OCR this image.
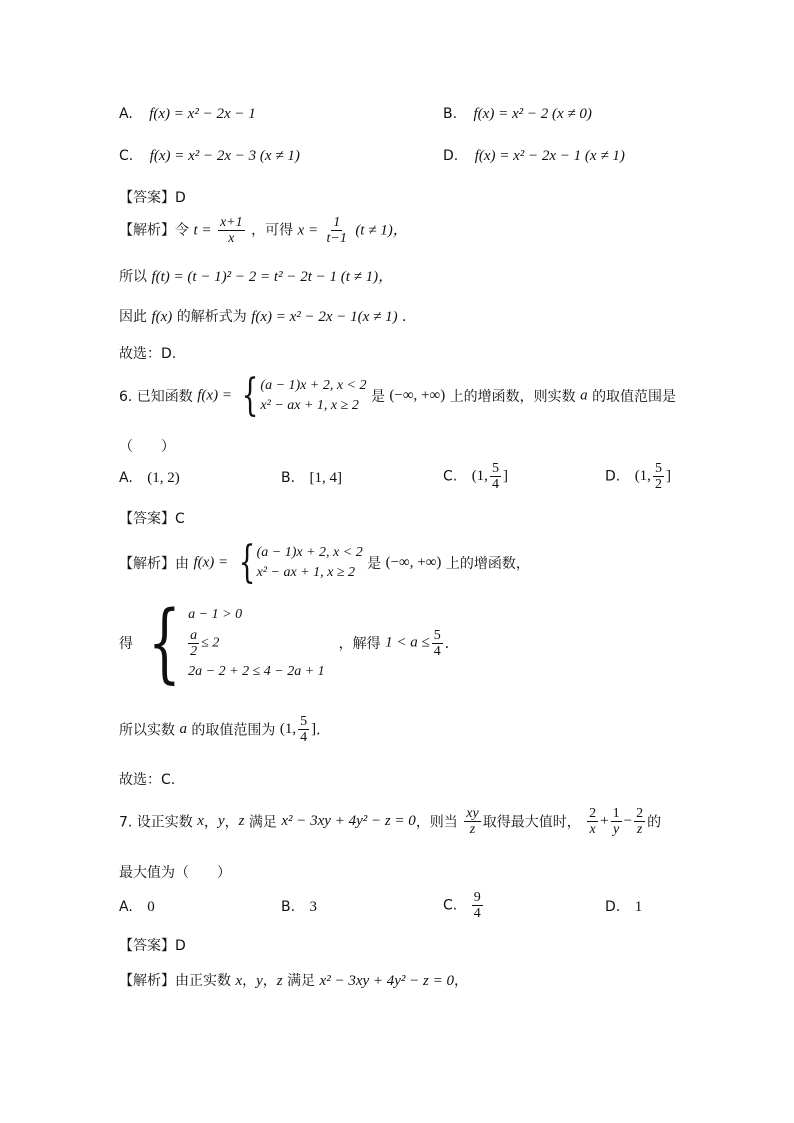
A. f(x) = x² − 2x − 1	B. f(x) = x² − 2 (x ≠ 0)
C. f(x) = x² − 2x − 3 (x ≠ 1)	D. f(x) = x² − 2x − 1 (x ≠ 1)
【答案】D
【解析】令 $t = \frac{x+1}{x}$ ，可得 $x = \frac{1}{t-1} (t \ne 1)$，
所以 f(t) = (t − 1)² − 2 = t² − 2t − 1 (t ≠ 1)，
因此 f(x) 的解析式为 f(x) = x² − 2x − 1(x ≠ 1) ．
故选：D.
6. 已知函数 f(x) = { (a − 1)x + 2, x < 2
x² − ax + 1, x ≥ 2
是 (−∞, +∞) 上的增函数，则实数 a 的取值范围是
（　　）
A. (1, 2)	B. [1, 4]	C. (1, $\frac{5}{4}$ ]	D. (1, $\frac{5}{2}$ ]
【答案】C
【解析】由 f(x) = { (a − 1)x + 2, x < 2
x² − ax + 1, x ≥ 2
是 (−∞, +∞) 上的增函数，
得 { a − 1 > 0
$\frac{a}{2} \le 2$
2a − 2 + 2 ≤ 4 − 2a + 1
，解得 $1 < a \le \frac{5}{4}$ ．
所以实数 a 的取值范围为 (1, $\frac{5}{4}$ ]．
故选：C.
7. 设正实数 x，y，z 满足 x² − 3xy + 4y² − z = 0，则当 $\frac{xy}{z}$ 取得最大值时， $\frac{2}{x} + \frac{1}{y} - \frac{2}{z}$ 的
最大值为（　　）
A. 0	B. 3	C. $\frac{9}{4}$	D. 1
【答案】D
【解析】由正实数 x，y，z 满足 x² − 3xy + 4y² − z = 0，
